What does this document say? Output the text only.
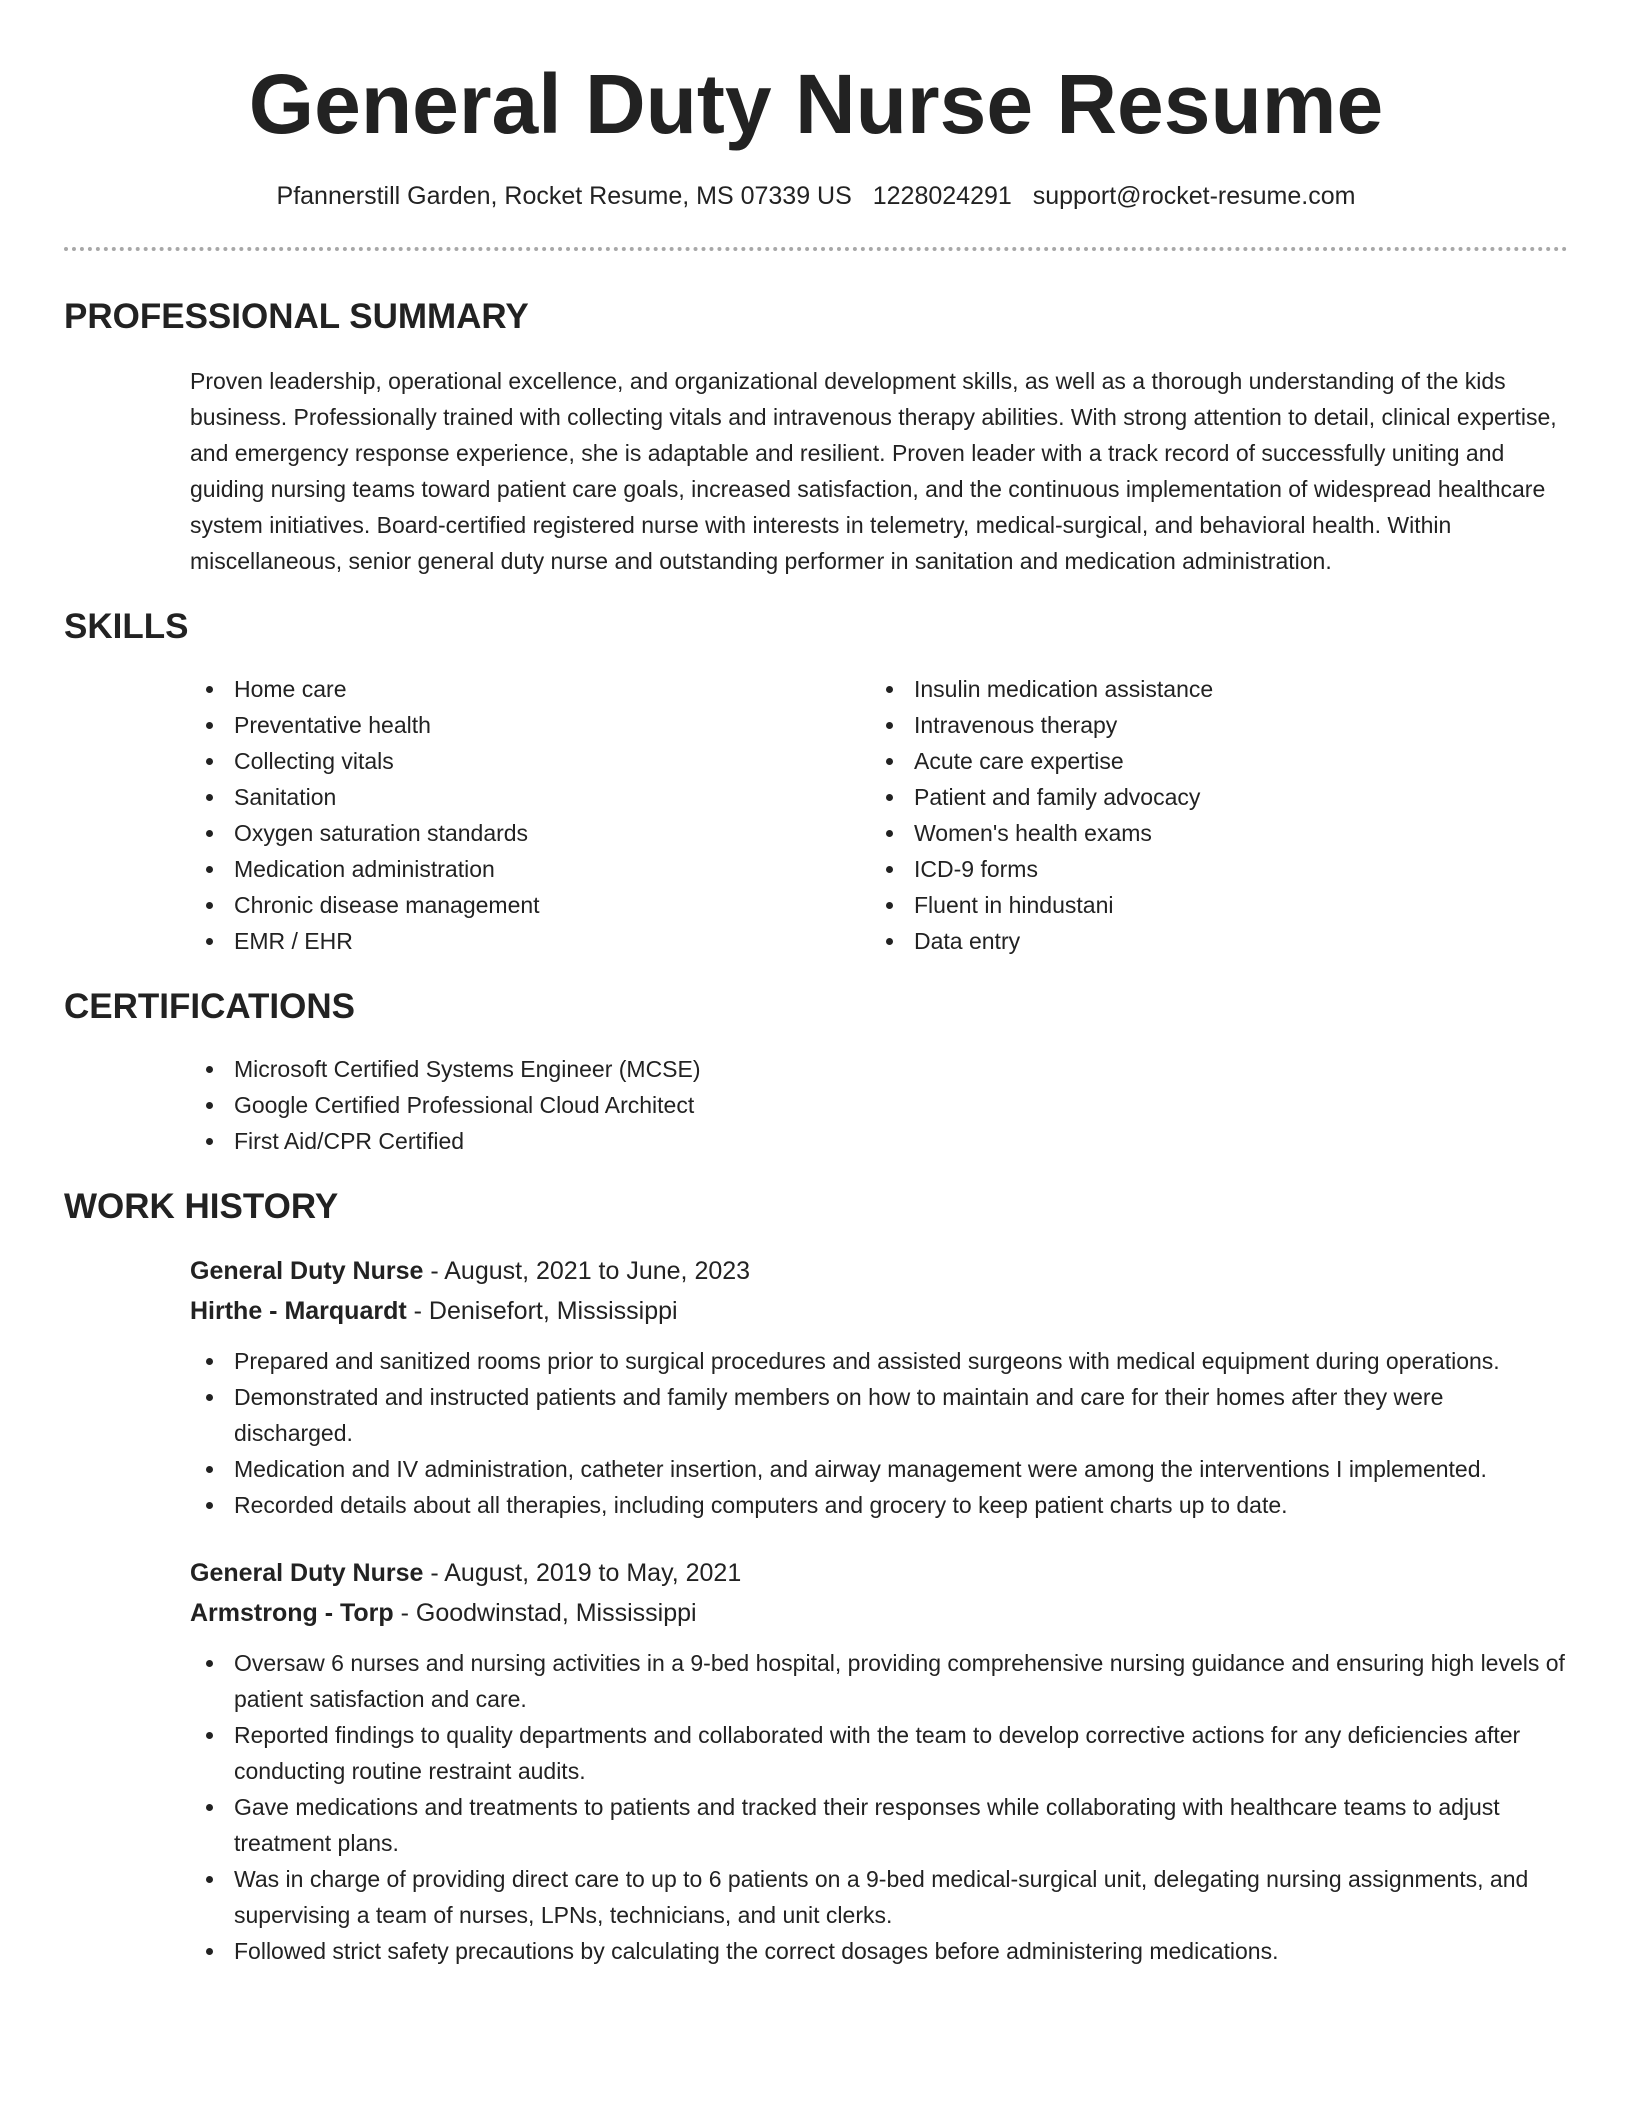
General Duty Nurse Resume
Pfannerstill Garden, Rocket Resume, MS 07339 US 1228024291 support@rocket-resume.com
PROFESSIONAL SUMMARY

Proven leadership, operational excellence, and organizational development skills, as well as a thorough understanding of the kids business. Professionally trained with collecting vitals and intravenous therapy abilities. With strong attention to detail, clinical expertise, and emergency response experience, she is adaptable and resilient. Proven leader with a track record of successfully uniting and guiding nursing teams toward patient care goals, increased satisfaction, and the continuous implementation of widespread healthcare system initiatives. Board-certified registered nurse with interests in telemetry, medical-surgical, and behavioral health. Within miscellaneous, senior general duty nurse and outstanding performer in sanitation and medication administration.

SKILLS
Home care
Preventative health
Collecting vitals
Sanitation
Oxygen saturation standards
Medication administration
Chronic disease management
EMR / EHR
Insulin medication assistance
Intravenous therapy
Acute care expertise
Patient and family advocacy
Women's health exams
ICD-9 forms
Fluent in hindustani
Data entry
CERTIFICATIONS
Microsoft Certified Systems Engineer (MCSE)
Google Certified Professional Cloud Architect
First Aid/CPR Certified
WORK HISTORY
General Duty Nurse - August, 2021 to June, 2023
Hirthe - Marquardt - Denisefort, Mississippi
Prepared and sanitized rooms prior to surgical procedures and assisted surgeons with medical equipment during operations.
Demonstrated and instructed patients and family members on how to maintain and care for their homes after they were discharged.
Medication and IV administration, catheter insertion, and airway management were among the interventions I implemented.
Recorded details about all therapies, including computers and grocery to keep patient charts up to date.
General Duty Nurse - August, 2019 to May, 2021
Armstrong - Torp - Goodwinstad, Mississippi
Oversaw 6 nurses and nursing activities in a 9-bed hospital, providing comprehensive nursing guidance and ensuring high levels of patient satisfaction and care.
Reported findings to quality departments and collaborated with the team to develop corrective actions for any deficiencies after conducting routine restraint audits.
Gave medications and treatments to patients and tracked their responses while collaborating with healthcare teams to adjust treatment plans.
Was in charge of providing direct care to up to 6 patients on a 9-bed medical-surgical unit, delegating nursing assignments, and supervising a team of nurses, LPNs, technicians, and unit clerks.
Followed strict safety precautions by calculating the correct dosages before administering medications.
